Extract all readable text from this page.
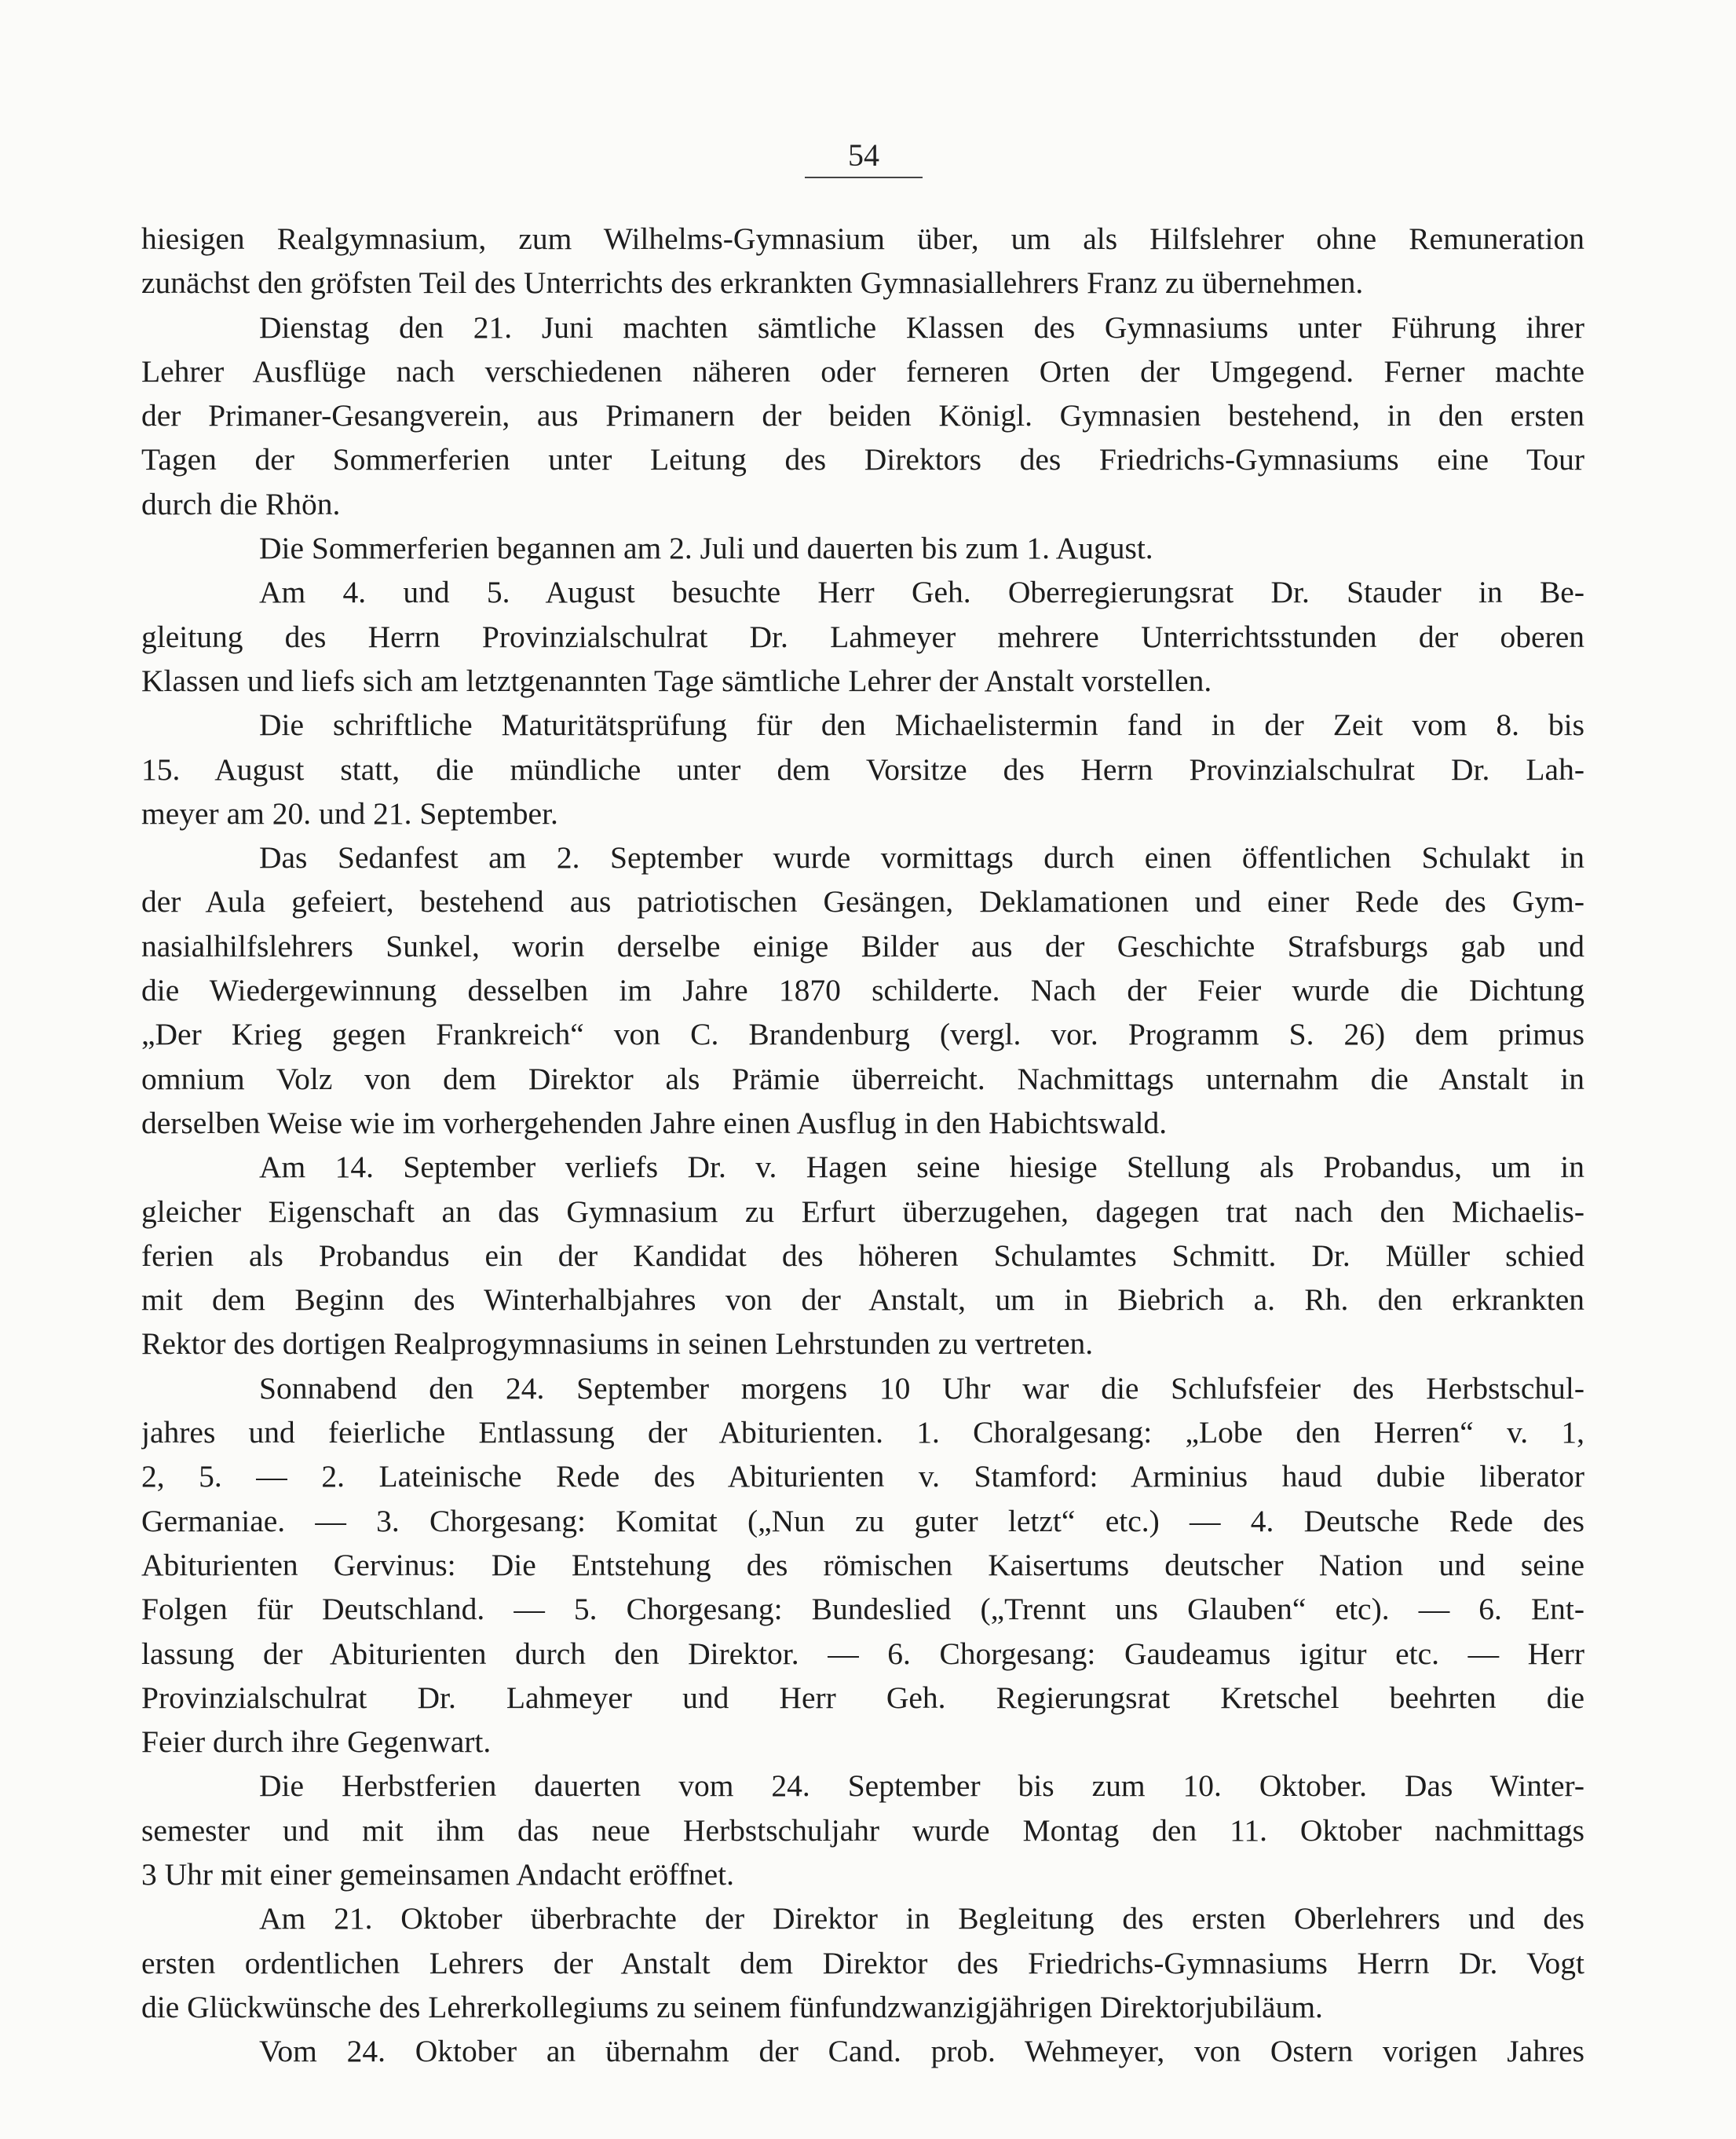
54
hiesigen Realgymnasium, zum Wilhelms-Gymnasium über, um als Hilfslehrer ohne Remuneration
zunächst den gröfsten Teil des Unterrichts des erkrankten Gymnasiallehrers Franz zu übernehmen.
Dienstag den 21. Juni machten sämtliche Klassen des Gymnasiums unter Führung ihrer
Lehrer Ausflüge nach verschiedenen näheren oder ferneren Orten der Umgegend. Ferner machte
der Primaner-Gesangverein, aus Primanern der beiden Königl. Gymnasien bestehend, in den ersten
Tagen der Sommerferien unter Leitung des Direktors des Friedrichs-Gymnasiums eine Tour
durch die Rhön.
Die Sommerferien begannen am 2. Juli und dauerten bis zum 1. August.
Am 4. und 5. August besuchte Herr Geh. Oberregierungsrat Dr. Stauder in Be-
gleitung des Herrn Provinzialschulrat Dr. Lahmeyer mehrere Unterrichtsstunden der oberen
Klassen und liefs sich am letztgenannten Tage sämtliche Lehrer der Anstalt vorstellen.
Die schriftliche Maturitätsprüfung für den Michaelistermin fand in der Zeit vom 8. bis
15. August statt, die mündliche unter dem Vorsitze des Herrn Provinzialschulrat Dr. Lah-
meyer am 20. und 21. September.
Das Sedanfest am 2. September wurde vormittags durch einen öffentlichen Schulakt in
der Aula gefeiert, bestehend aus patriotischen Gesängen, Deklamationen und einer Rede des Gym-
nasialhilfslehrers Sunkel, worin derselbe einige Bilder aus der Geschichte Strafsburgs gab und
die Wiedergewinnung desselben im Jahre 1870 schilderte. Nach der Feier wurde die Dichtung
„Der Krieg gegen Frankreich“ von C. Brandenburg (vergl. vor. Programm S. 26) dem primus
omnium Volz von dem Direktor als Prämie überreicht. Nachmittags unternahm die Anstalt in
derselben Weise wie im vorhergehenden Jahre einen Ausflug in den Habichtswald.
Am 14. September verliefs Dr. v. Hagen seine hiesige Stellung als Probandus, um in
gleicher Eigenschaft an das Gymnasium zu Erfurt überzugehen, dagegen trat nach den Michaelis-
ferien als Probandus ein der Kandidat des höheren Schulamtes Schmitt. Dr. Müller schied
mit dem Beginn des Winterhalbjahres von der Anstalt, um in Biebrich a. Rh. den erkrankten
Rektor des dortigen Realprogymnasiums in seinen Lehrstunden zu vertreten.
Sonnabend den 24. September morgens 10 Uhr war die Schlufsfeier des Herbstschul-
jahres und feierliche Entlassung der Abiturienten. 1. Choralgesang: „Lobe den Herren“ v. 1,
2, 5. — 2. Lateinische Rede des Abiturienten v. Stamford: Arminius haud dubie liberator
Germaniae. — 3. Chorgesang: Komitat („Nun zu guter letzt“ etc.) — 4. Deutsche Rede des
Abiturienten Gervinus: Die Entstehung des römischen Kaisertums deutscher Nation und seine
Folgen für Deutschland. — 5. Chorgesang: Bundeslied („Trennt uns Glauben“ etc). — 6. Ent-
lassung der Abiturienten durch den Direktor. — 6. Chorgesang: Gaudeamus igitur etc. — Herr
Provinzialschulrat Dr. Lahmeyer und Herr Geh. Regierungsrat Kretschel beehrten die
Feier durch ihre Gegenwart.
Die Herbstferien dauerten vom 24. September bis zum 10. Oktober. Das Winter-
semester und mit ihm das neue Herbstschuljahr wurde Montag den 11. Oktober nachmittags
3 Uhr mit einer gemeinsamen Andacht eröffnet.
Am 21. Oktober überbrachte der Direktor in Begleitung des ersten Oberlehrers und des
ersten ordentlichen Lehrers der Anstalt dem Direktor des Friedrichs-Gymnasiums Herrn Dr. Vogt
die Glückwünsche des Lehrerkollegiums zu seinem fünfundzwanzigjährigen Direktorjubiläum.
Vom 24. Oktober an übernahm der Cand. prob. Wehmeyer, von Ostern vorigen Jahres
